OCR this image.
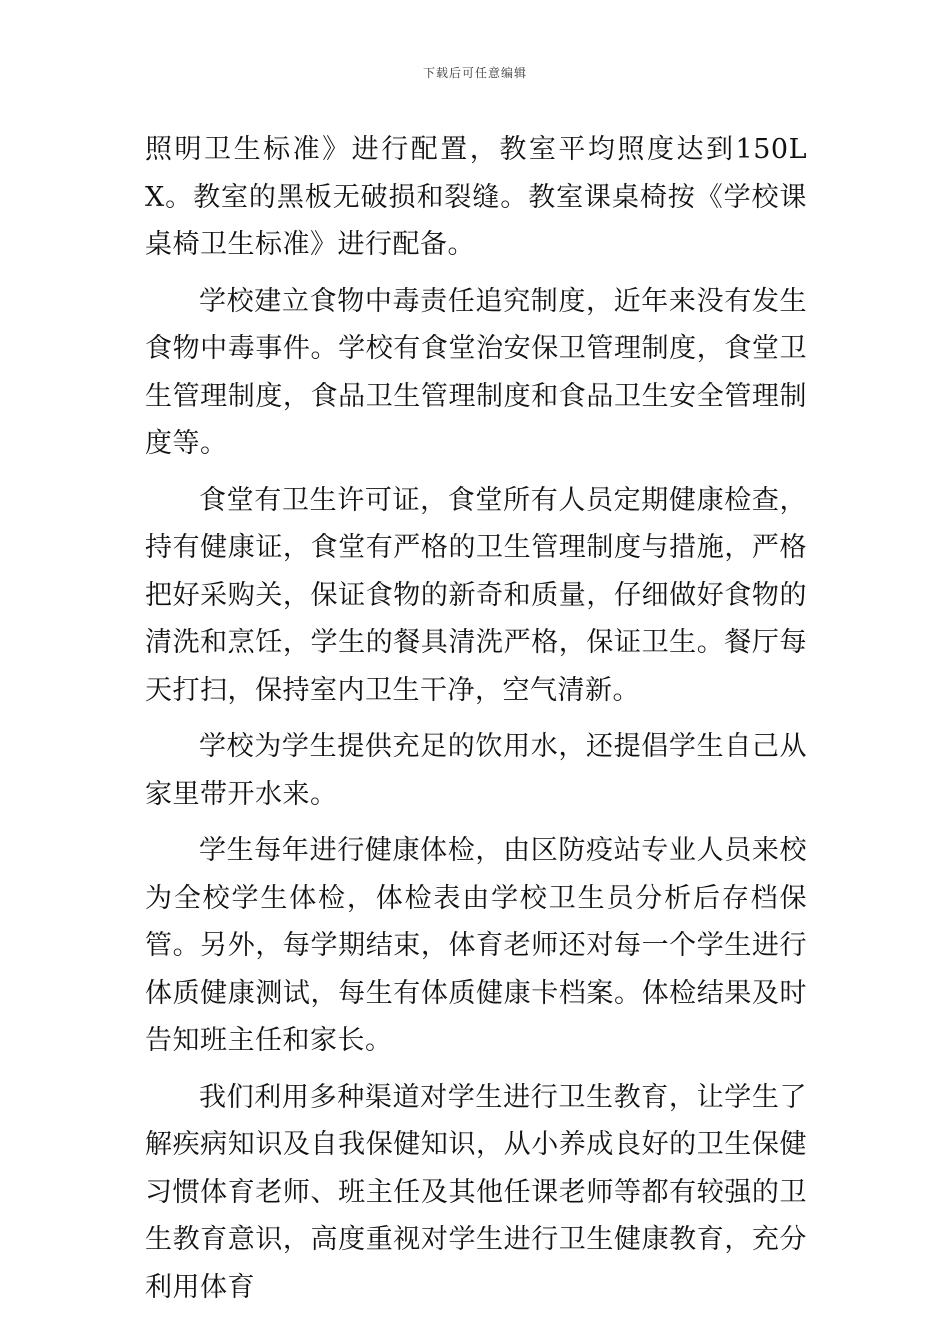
下载后可任意编辑

照明卫生标准》进行配置，教室平均照度达到150LX。教室的黑板无破损和裂缝。教室课桌椅按《学校课桌椅卫生标准》进行配备。

学校建立食物中毒责任追究制度，近年来没有发生食物中毒事件。学校有食堂治安保卫管理制度，食堂卫生管理制度，食品卫生管理制度和食品卫生安全管理制度等。

食堂有卫生许可证，食堂所有人员定期健康检查，持有健康证，食堂有严格的卫生管理制度与措施，严格把好采购关，保证食物的新奇和质量，仔细做好食物的清洗和烹饪，学生的餐具清洗严格，保证卫生。餐厅每天打扫，保持室内卫生干净，空气清新。

学校为学生提供充足的饮用水，还提倡学生自己从家里带开水来。

学生每年进行健康体检，由区防疫站专业人员来校为全校学生体检，体检表由学校卫生员分析后存档保管。另外，每学期结束，体育老师还对每一个学生进行体质健康测试，每生有体质健康卡档案。体检结果及时告知班主任和家长。

我们利用多种渠道对学生进行卫生教育，让学生了解疾病知识及自我保健知识，从小养成良好的卫生保健习惯体育老师、班主任及其他任课老师等都有较强的卫生教育意识，高度重视对学生进行卫生健康教育，充分利用体育
